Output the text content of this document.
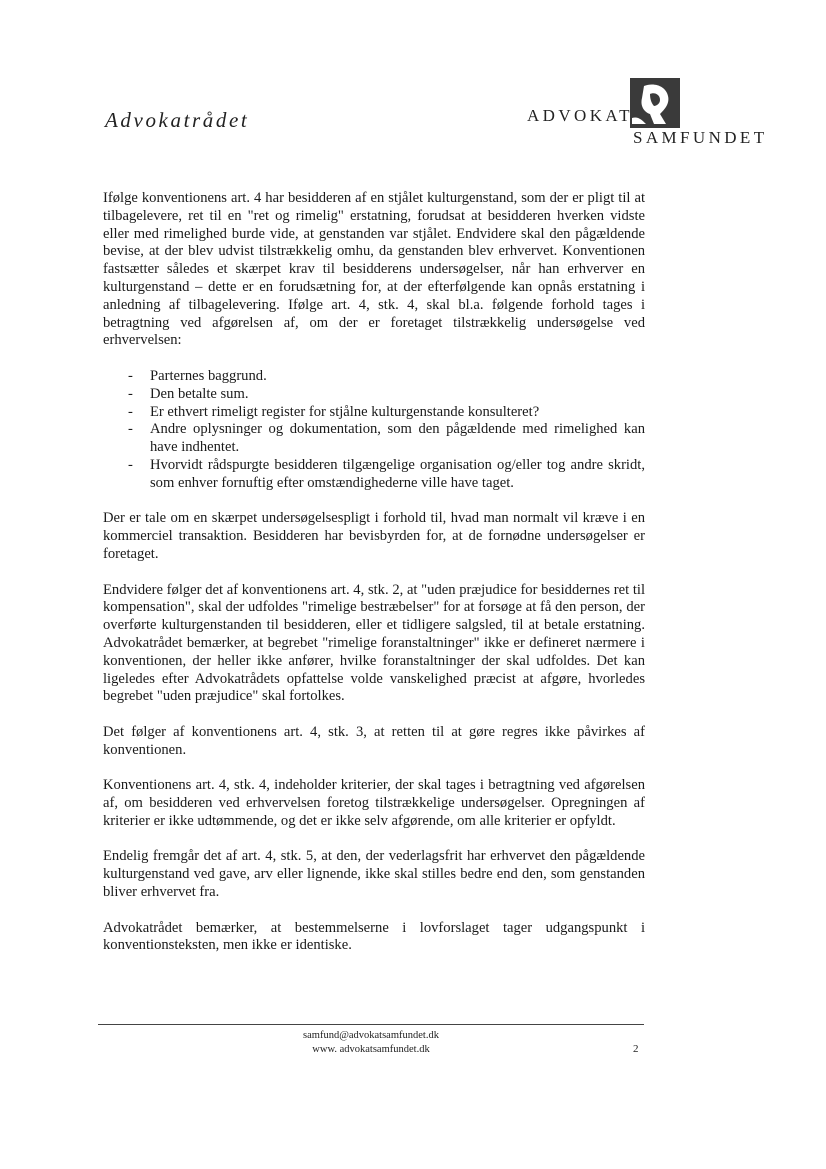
Advokatrådet	ADVOKAT
SAMFUNDET

Ifølge konventionens art. 4 har besidderen af en stjålet kulturgenstand, som der er pligt til at tilbagelevere, ret til en "ret og rimelig" erstatning, forudsat at besidderen hverken vidste eller med rimelighed burde vide, at genstanden var stjålet. Endvidere skal den pågældende bevise, at der blev udvist tilstrækkelig omhu, da genstanden blev erhvervet. Konventionen fastsætter således et skærpet krav til besidderens undersøgelser, når han erhverver en kulturgenstand – dette er en forudsætning for, at der efterfølgende kan opnås erstatning i anledning af tilbagelevering. Ifølge art. 4, stk. 4, skal bl.a. følgende forhold tages i betragtning ved afgørelsen af, om der er foretaget tilstrækkelig undersøgelse ved erhvervelsen:

- Parternes baggrund.
- Den betalte sum.
- Er ethvert rimeligt register for stjålne kulturgenstande konsulteret?
- Andre oplysninger og dokumentation, som den pågældende med rimelighed kan have indhentet.
- Hvorvidt rådspurgte besidderen tilgængelige organisation og/eller tog andre skridt, som enhver fornuftig efter omstændighederne ville have taget.

Der er tale om en skærpet undersøgelsespligt i forhold til, hvad man normalt vil kræve i en kommerciel transaktion. Besidderen har bevisbyrden for, at de fornødne undersøgelser er foretaget.

Endvidere følger det af konventionens art. 4, stk. 2, at "uden præjudice for besiddernes ret til kompensation", skal der udfoldes "rimelige bestræbelser" for at forsøge at få den person, der overførte kulturgenstanden til besidderen, eller et tidligere salgsled, til at betale erstatning. Advokatrådet bemærker, at begrebet "rimelige foranstaltninger" ikke er defineret nærmere i konventionen, der heller ikke anfører, hvilke foranstaltninger der skal udfoldes. Det kan ligeledes efter Advokatrådets opfattelse volde vanskelighed præcist at afgøre, hvorledes begrebet "uden præjudice" skal fortolkes.

Det følger af konventionens art. 4, stk. 3, at retten til at gøre regres ikke påvirkes af konventionen.

Konventionens art. 4, stk. 4, indeholder kriterier, der skal tages i betragtning ved afgørelsen af, om besidderen ved erhvervelsen foretog tilstrækkelige undersøgelser. Opregningen af kriterier er ikke udtømmende, og det er ikke selv afgørende, om alle kriterier er opfyldt.

Endelig fremgår det af art. 4, stk. 5, at den, der vederlagsfrit har erhvervet den pågældende kulturgenstand ved gave, arv eller lignende, ikke skal stilles bedre end den, som genstanden bliver erhvervet fra.

Advokatrådet bemærker, at bestemmelserne i lovforslaget tager udgangspunkt i konventionsteksten, men ikke er identiske.

samfund@advokatsamfundet.dk
www. advokatsamfundet.dk	2
